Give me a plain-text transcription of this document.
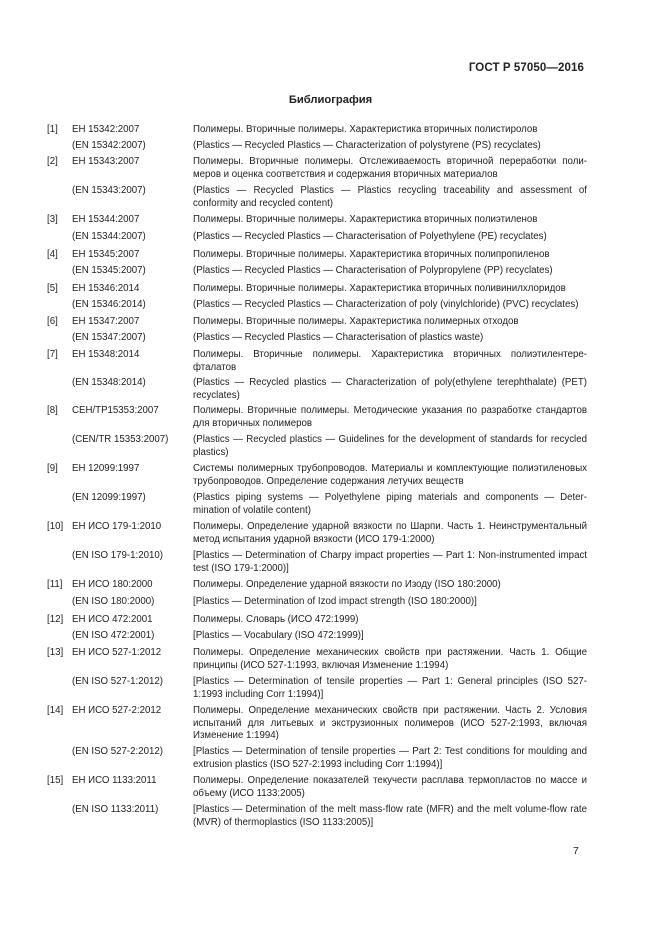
ГОСТ Р 57050—2016
Библиография
[1] ЕН 15342:2007	Полимеры. Вторичные полимеры. Характеристика вторичных полистиролов
(EN 15342:2007)	(Plastics — Recycled Plastics — Characterization of polystyrene (PS) recyclates)
[2] ЕН 15343:2007	Полимеры. Вторичные полимеры. Отслеживаемость вторичной переработки полимеров и оценка соответствия и содержания вторичных материалов
(EN 15343:2007)	(Plastics — Recycled Plastics — Plastics recycling traceability and assessment of conformity and recycled content)
[3] ЕН 15344:2007	Полимеры. Вторичные полимеры. Характеристика вторичных полиэтиленов
(EN 15344:2007)	(Plastics — Recycled Plastics — Characterisation of Polyethylene (PE) recyclates)
[4] ЕН 15345:2007	Полимеры. Вторичные полимеры. Характеристика вторичных полипропиленов
(EN 15345:2007)	(Plastics — Recycled Plastics — Characterisation of Polypropylene (PP) recyclates)
[5] ЕН 15346:2014	Полимеры. Вторичные полимеры. Характеристика вторичных поливинилхлоридов
(EN 15346:2014)	(Plastics — Recycled Plastics — Characterization of poly (vinylchloride) (PVC) recyclates)
[6] ЕН 15347:2007	Полимеры. Вторичные полимеры. Характеристика полимерных отходов
(EN 15347:2007)	(Plastics — Recycled Plastics — Characterisation of plastics waste)
[7] ЕН 15348:2014	Полимеры. Вторичные полимеры. Характеристика вторичных полиэтилентерефталатов
(EN 15348:2014)	(Plastics — Recycled plastics — Characterization of poly(ethylene terephthalate) (PET) recyclates)
[8] CEH/TP15353:2007	Полимеры. Вторичные полимеры. Методические указания по разработке стандартов для вторичных полимеров
(CEN/TR 15353:2007)	(Plastics — Recycled plastics — Guidelines for the development of standards for recycled plastics)
[9] ЕН 12099:1997	Системы полимерных трубопроводов. Материалы и комплектующие полиэтиленовых трубопроводов. Определение содержания летучих веществ
(EN 12099:1997)	(Plastics piping systems — Polyethylene piping materials and components — Determination of volatile content)
[10] ЕН ИСО 179-1:2010	Полимеры. Определение ударной вязкости по Шарпи. Часть 1. Неинструментальный метод испытания ударной вязкости (ИСО 179-1:2000)
(EN ISO 179-1:2010)	[Plastics — Determination of Charpy impact properties — Part 1: Non-instrumented impact test (ISO 179-1:2000)]
[11] ЕН ИСО 180:2000	Полимеры. Определение ударной вязкости по Изоду (ISO 180:2000)
(EN ISO 180:2000)	[Plastics — Determination of Izod impact strength (ISO 180:2000)]
[12] ЕН ИСО 472:2001	Полимеры. Словарь (ИСО 472:1999)
(EN ISO 472:2001)	[Plastics — Vocabulary (ISO 472:1999)]
[13] ЕН ИСО 527-1:2012	Полимеры. Определение механических свойств при растяжении. Часть 1. Общие принципы (ИСО 527-1:1993, включая Изменение 1:1994)
(EN ISO 527-1:2012)	[Plastics — Determination of tensile properties — Part 1: General principles (ISO 527-1:1993 including Corr 1:1994)]
[14] ЕН ИСО 527-2:2012	Полимеры. Определение механических свойств при растяжении. Часть 2. Условия испытаний для литьевых и экструзионных полимеров (ИСО 527-2:1993, включая Изменение 1:1994)
(EN ISO 527-2:2012)	[Plastics — Determination of tensile properties — Part 2: Test conditions for moulding and extrusion plastics (ISO 527-2:1993 including Corr 1:1994)]
[15] ЕН ИСО 1133:2011	Полимеры. Определение показателей текучести расплава термопластов по массе и объему (ИСО 1133:2005)
(EN ISO 1133:2011)	[Plastics — Determination of the melt mass-flow rate (MFR) and the melt volume-flow rate (MVR) of thermoplastics (ISO 1133:2005)]
7
